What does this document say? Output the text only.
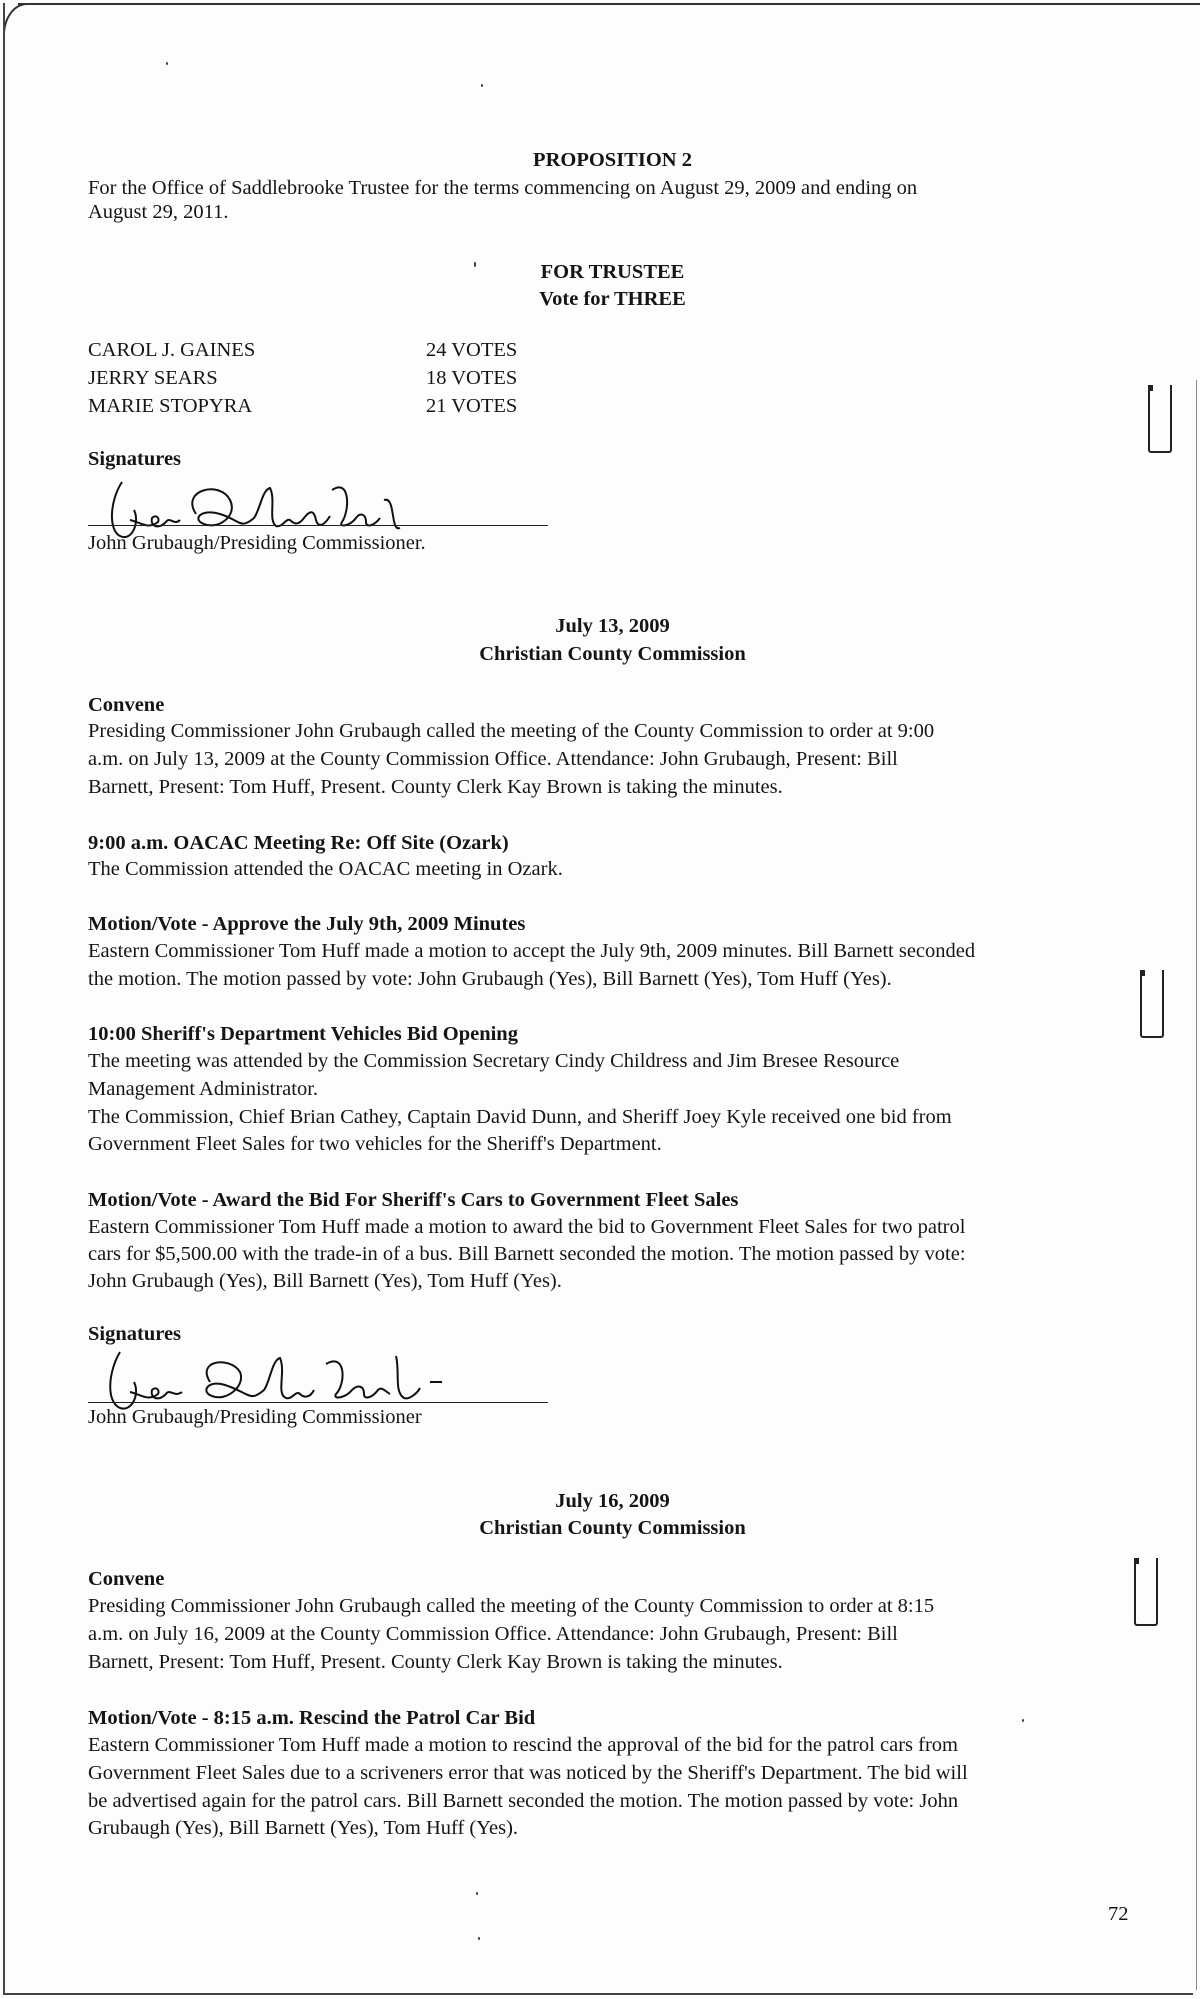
PROPOSITION 2
For the Office of Saddlebrooke Trustee for the terms commencing on August 29, 2009 and ending on
August 29, 2011.
FOR TRUSTEE
Vote for THREE
CAROL J. GAINES	24 VOTES
JERRY SEARS	18 VOTES
MARIE STOPYRA	21 VOTES
Signatures
John Grubaugh/Presiding Commissioner.
July 13, 2009
Christian County Commission
Convene
Presiding Commissioner John Grubaugh called the meeting of the County Commission to order at 9:00
a.m. on July 13, 2009 at the County Commission Office. Attendance: John Grubaugh, Present: Bill
Barnett, Present: Tom Huff, Present. County Clerk Kay Brown is taking the minutes.
9:00 a.m. OACAC Meeting Re: Off Site (Ozark)
The Commission attended the OACAC meeting in Ozark.
Motion/Vote - Approve the July 9th, 2009 Minutes
Eastern Commissioner Tom Huff made a motion to accept the July 9th, 2009 minutes. Bill Barnett seconded
the motion. The motion passed by vote: John Grubaugh (Yes), Bill Barnett (Yes), Tom Huff (Yes).
10:00 Sheriff's Department Vehicles Bid Opening
The meeting was attended by the Commission Secretary Cindy Childress and Jim Bresee Resource
Management Administrator.
The Commission, Chief Brian Cathey, Captain David Dunn, and Sheriff Joey Kyle received one bid from
Government Fleet Sales for two vehicles for the Sheriff's Department.
Motion/Vote - Award the Bid For Sheriff's Cars to Government Fleet Sales
Eastern Commissioner Tom Huff made a motion to award the bid to Government Fleet Sales for two patrol
cars for $5,500.00 with the trade-in of a bus. Bill Barnett seconded the motion. The motion passed by vote:
John Grubaugh (Yes), Bill Barnett (Yes), Tom Huff (Yes).
Signatures
John Grubaugh/Presiding Commissioner
July 16, 2009
Christian County Commission
Convene
Presiding Commissioner John Grubaugh called the meeting of the County Commission to order at 8:15
a.m. on July 16, 2009 at the County Commission Office. Attendance: John Grubaugh, Present: Bill
Barnett, Present: Tom Huff, Present. County Clerk Kay Brown is taking the minutes.
Motion/Vote - 8:15 a.m. Rescind the Patrol Car Bid
Eastern Commissioner Tom Huff made a motion to rescind the approval of the bid for the patrol cars from
Government Fleet Sales due to a scriveners error that was noticed by the Sheriff's Department. The bid will
be advertised again for the patrol cars. Bill Barnett seconded the motion. The motion passed by vote: John
Grubaugh (Yes), Bill Barnett (Yes), Tom Huff (Yes).
72
